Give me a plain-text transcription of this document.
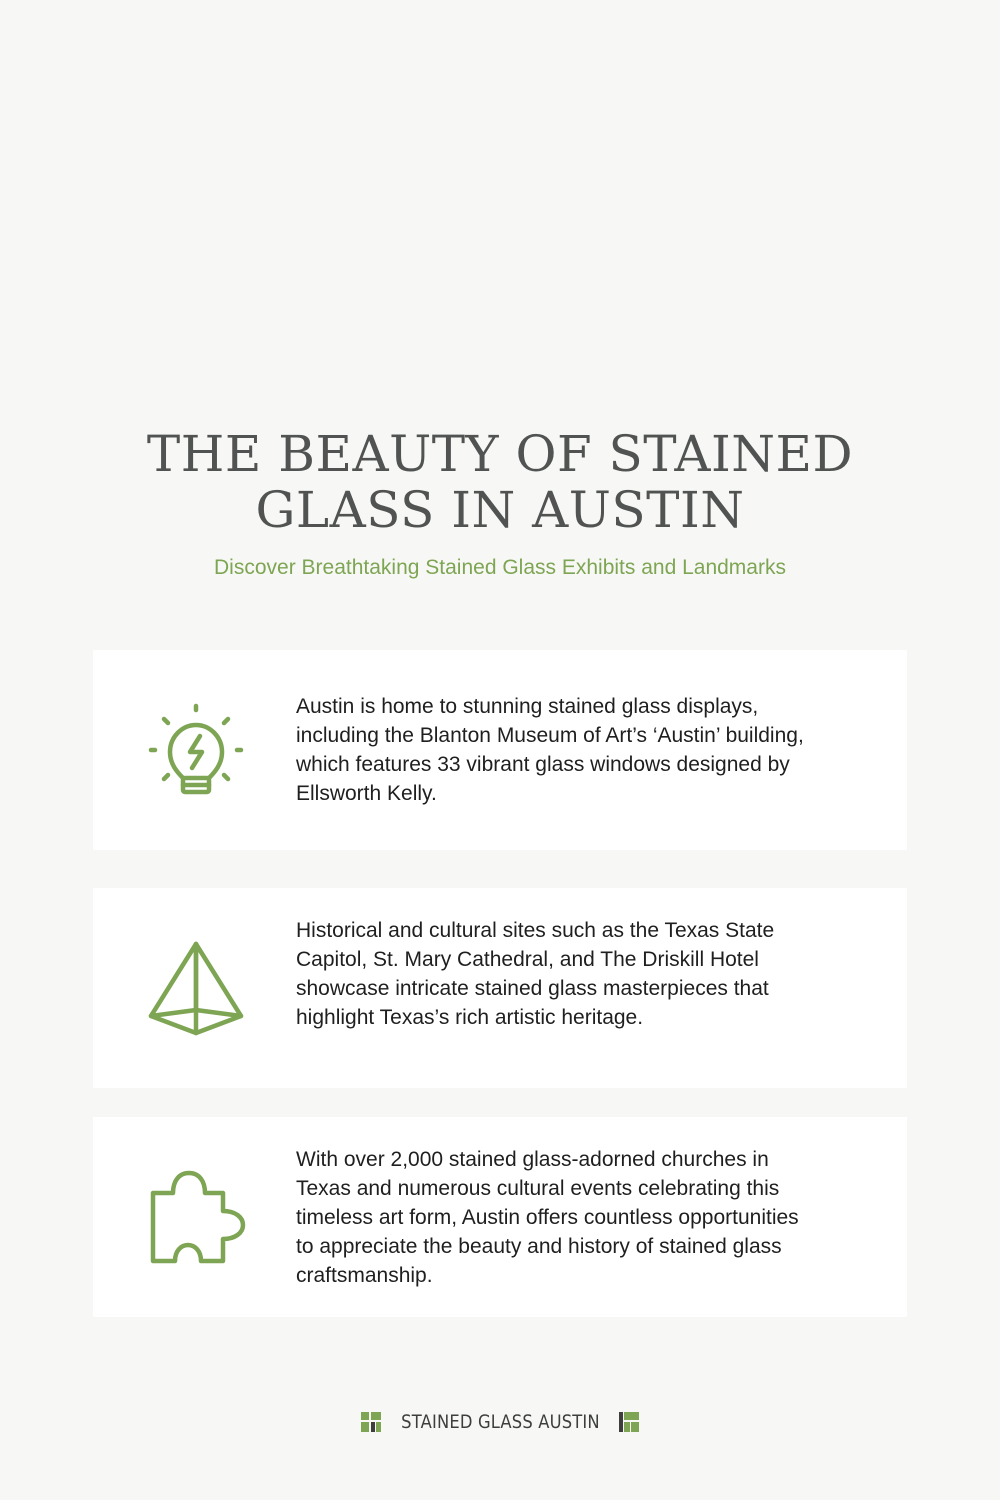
THE BEAUTY OF STAINED
GLASS IN AUSTIN

Discover Breathtaking Stained Glass Exhibits and Landmarks

Austin is home to stunning stained glass displays, including the Blanton Museum of Art’s ‘Austin’ building, which features 33 vibrant glass windows designed by Ellsworth Kelly.

Historical and cultural sites such as the Texas State Capitol, St. Mary Cathedral, and The Driskill Hotel showcase intricate stained glass masterpieces that highlight Texas’s rich artistic heritage.

With over 2,000 stained glass-adorned churches in Texas and numerous cultural events celebrating this timeless art form, Austin offers countless opportunities to appreciate the beauty and history of stained glass craftsmanship.

STAINED GLASS AUSTIN
